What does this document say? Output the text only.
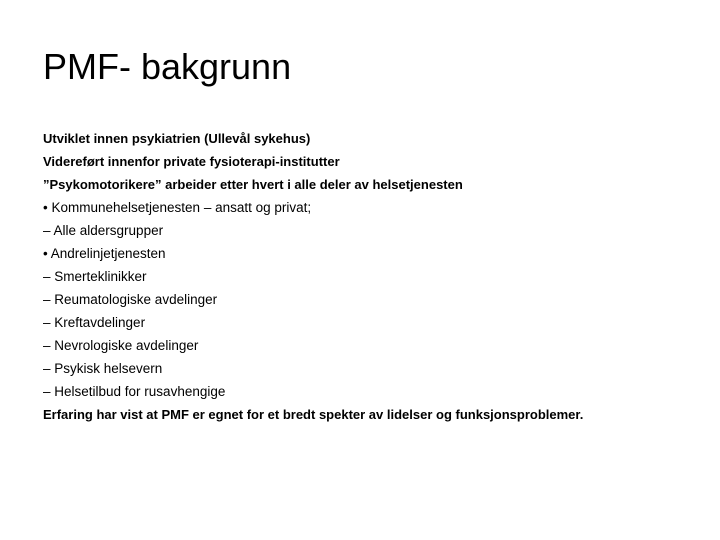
PMF- bakgrunn
Utviklet innen psykiatrien (Ullevål sykehus)
Videreført innenfor private fysioterapi-institutter
”Psykomotorikere” arbeider etter hvert i alle deler av helsetjenesten
• Kommunehelsetjenesten – ansatt og privat;
– Alle aldersgrupper
• Andrelinjetjenesten
– Smerteklinikker
– Reumatologiske avdelinger
– Kreftavdelinger
– Nevrologiske avdelinger
– Psykisk helsevern
– Helsetilbud for rusavhengige
Erfaring har vist at PMF er egnet for et bredt spekter av lidelser og funksjonsproblemer.
